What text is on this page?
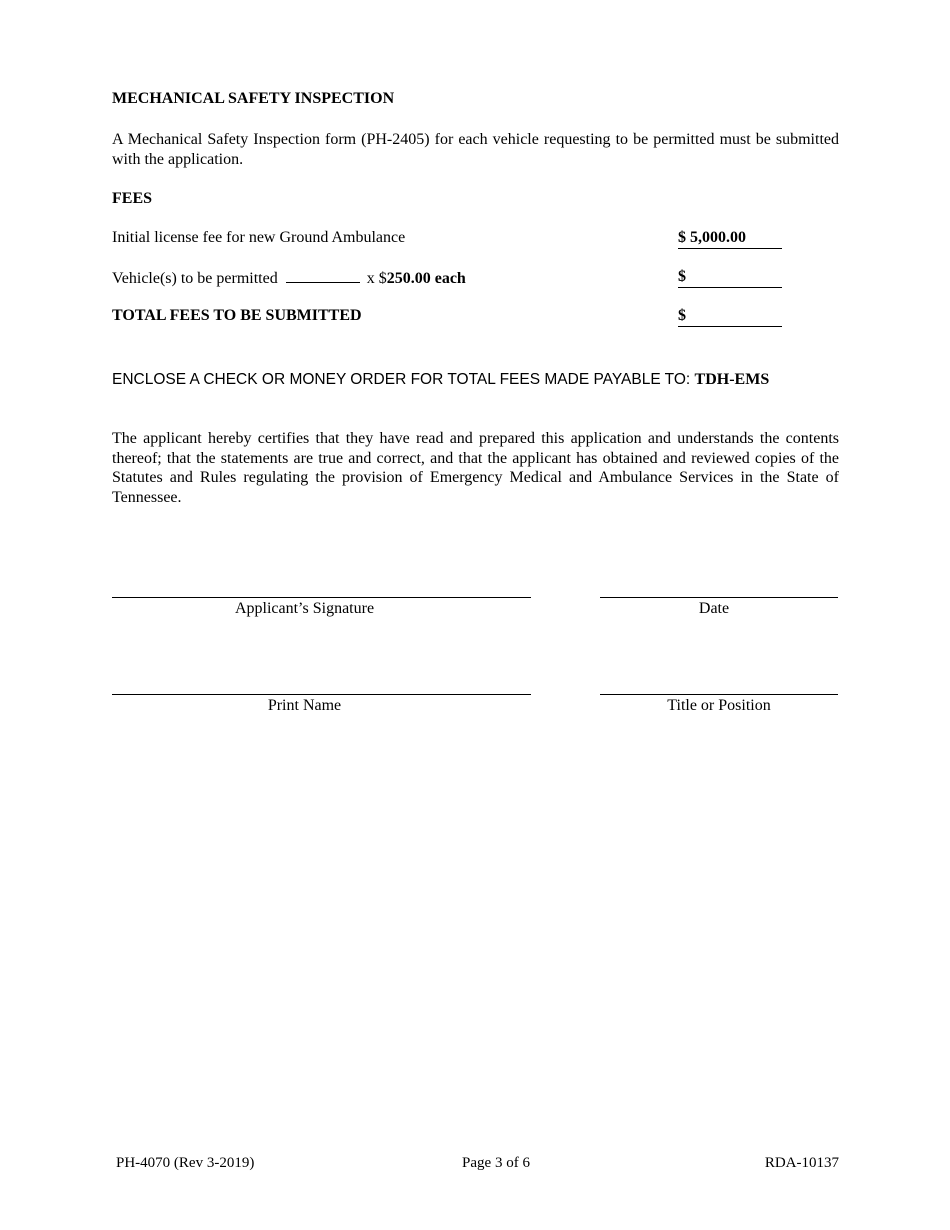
MECHANICAL SAFETY INSPECTION
A Mechanical Safety Inspection form (PH-2405) for each vehicle requesting to be permitted must be submitted with the application.
FEES
Initial license fee for new Ground Ambulance	$ 5,000.00
Vehicle(s) to be permitted	x $250.00 each	$
TOTAL FEES TO BE SUBMITTED	$
ENCLOSE A CHECK OR MONEY ORDER FOR TOTAL FEES MADE PAYABLE TO: TDH-EMS
The applicant hereby certifies that they have read and prepared this application and understands the contents thereof; that the statements are true and correct, and that the applicant has obtained and reviewed copies of the Statutes and Rules regulating the provision of Emergency Medical and Ambulance Services in the State of Tennessee.
Applicant’s Signature	Date
Print Name	Title or Position
PH-4070 (Rev 3-2019)	Page 3 of 6	RDA-10137
